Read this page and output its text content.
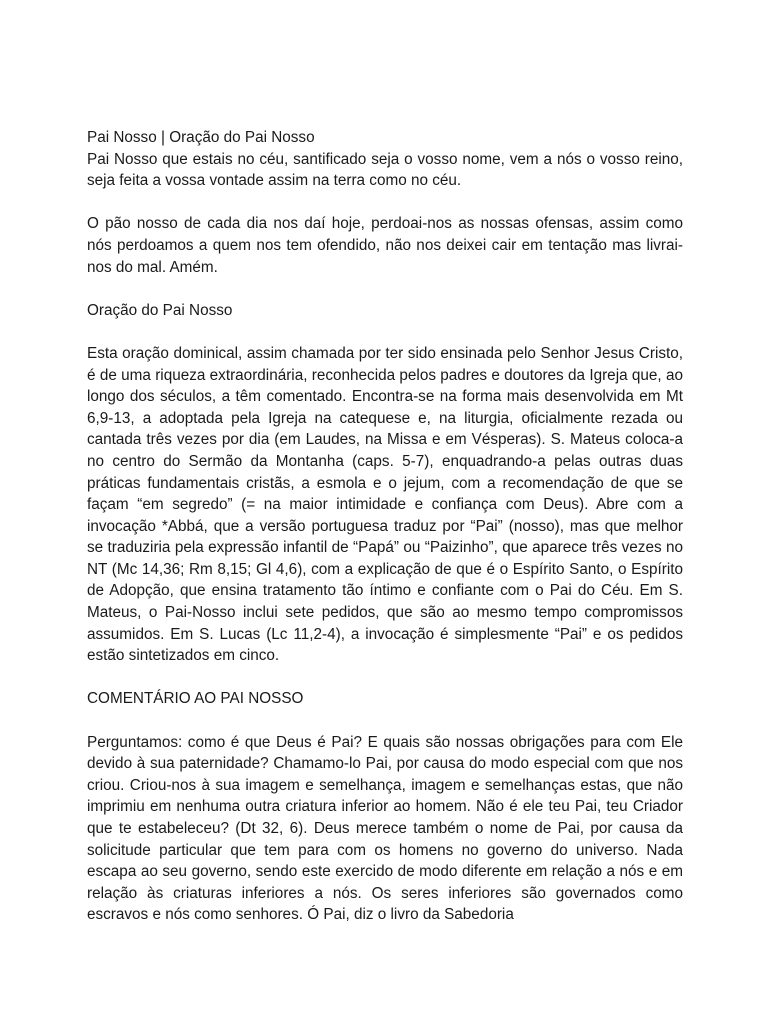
Pai Nosso | Oração do Pai Nosso

Pai Nosso que estais no céu, santificado seja o vosso nome, vem a nós o vosso reino, seja feita a vossa vontade assim na terra como no céu.

O pão nosso de cada dia nos daí hoje, perdoai-nos as nossas ofensas, assim como nós perdoamos a quem nos tem ofendido, não nos deixei cair em tentação mas livrai-nos do mal. Amém.

Oração do Pai Nosso

Esta oração dominical, assim chamada por ter sido ensinada pelo Senhor Jesus Cristo, é de uma riqueza extraordinária, reconhecida pelos padres e doutores da Igreja que, ao longo dos séculos, a têm comentado. Encontra-se na forma mais desenvolvida em Mt 6,9-13, a adoptada pela Igreja na catequese e, na liturgia, oficialmente rezada ou cantada três vezes por dia (em Laudes, na Missa e em Vésperas). S. Mateus coloca-a no centro do Sermão da Montanha (caps. 5-7), enquadrando-a pelas outras duas práticas fundamentais cristãs, a esmola e o jejum, com a recomendação de que se façam “em segredo” (= na maior intimidade e confiança com Deus). Abre com a invocação *Abbá, que a versão portuguesa traduz por “Pai” (nosso), mas que melhor se traduziria pela expressão infantil de “Papá” ou “Paizinho”, que aparece três vezes no NT (Mc 14,36; Rm 8,15; Gl 4,6), com a explicação de que é o Espírito Santo, o Espírito de Adopção, que ensina tratamento tão íntimo e confiante com o Pai do Céu. Em S. Mateus, o Pai-Nosso inclui sete pedidos, que são ao mesmo tempo compromissos assumidos. Em S. Lucas (Lc 11,2-4), a invocação é simplesmente “Pai” e os pedidos estão sintetizados em cinco.

COMENTÁRIO AO PAI NOSSO

Perguntamos: como é que Deus é Pai? E quais são nossas obrigações para com Ele devido à sua paternidade? Chamamo-lo Pai, por causa do modo especial com que nos criou. Criou-nos à sua imagem e semelhança, imagem e semelhanças estas, que não imprimiu em nenhuma outra criatura inferior ao homem. Não é ele teu Pai, teu Criador que te estabeleceu? (Dt 32, 6). Deus merece também o nome de Pai, por causa da solicitude particular que tem para com os homens no governo do universo. Nada escapa ao seu governo, sendo este exercido de modo diferente em relação a nós e em relação às criaturas inferiores a nós. Os seres inferiores são governados como escravos e nós como senhores. Ó Pai, diz o livro da Sabedoria
